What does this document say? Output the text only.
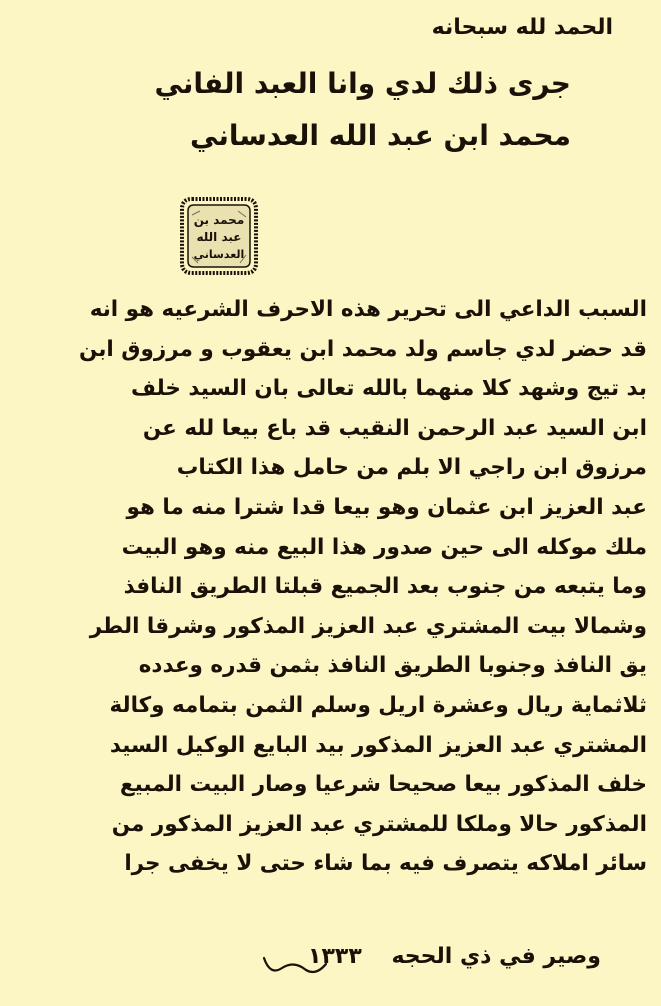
الحمد لله سبحانه
جرى ذلك لدي وانا العبد الفاني
محمد ابن عبد الله العدساني
محمد بن
عبد الله
العدساني
السبب الداعي الى تحرير هذه الاحرف الشرعيه هو انه
قد حضر لدي جاسم ولد محمد ابن يعقوب و مرزوق ابن
بد تيج وشهد كلا منهما بالله تعالى بان السيد خلف
ابن السيد عبد الرحمن النقيب قد باع بيعا لله عن
مرزوق ابن راجي الا بلم من حامل هذا الكتاب
عبد العزيز ابن عثمان وهو بيعا قدا شترا منه ما هو
ملك موكله الى حين صدور هذا البيع منه وهو البيت
وما يتبعه من جنوب بعد الجميع قبلتا الطريق النافذ
وشمالا بيت المشتري عبد العزيز المذكور وشرقا الطر
يق النافذ وجنوبا الطريق النافذ بثمن قدره وعدده
ثلاثماية ريال وعشرة اريل وسلم الثمن بتمامه وكالة
المشتري عبد العزيز المذكور بيد البايع الوكيل السيد
خلف المذكور بيعا صحيحا شرعيا وصار البيت المبيع
المذكور حالا وملكا للمشتري عبد العزيز المذكور من
سائر املاكه يتصرف فيه بما شاء حتى لا يخفى جرا
وصير في ذي الحجه ١٣٣٣
